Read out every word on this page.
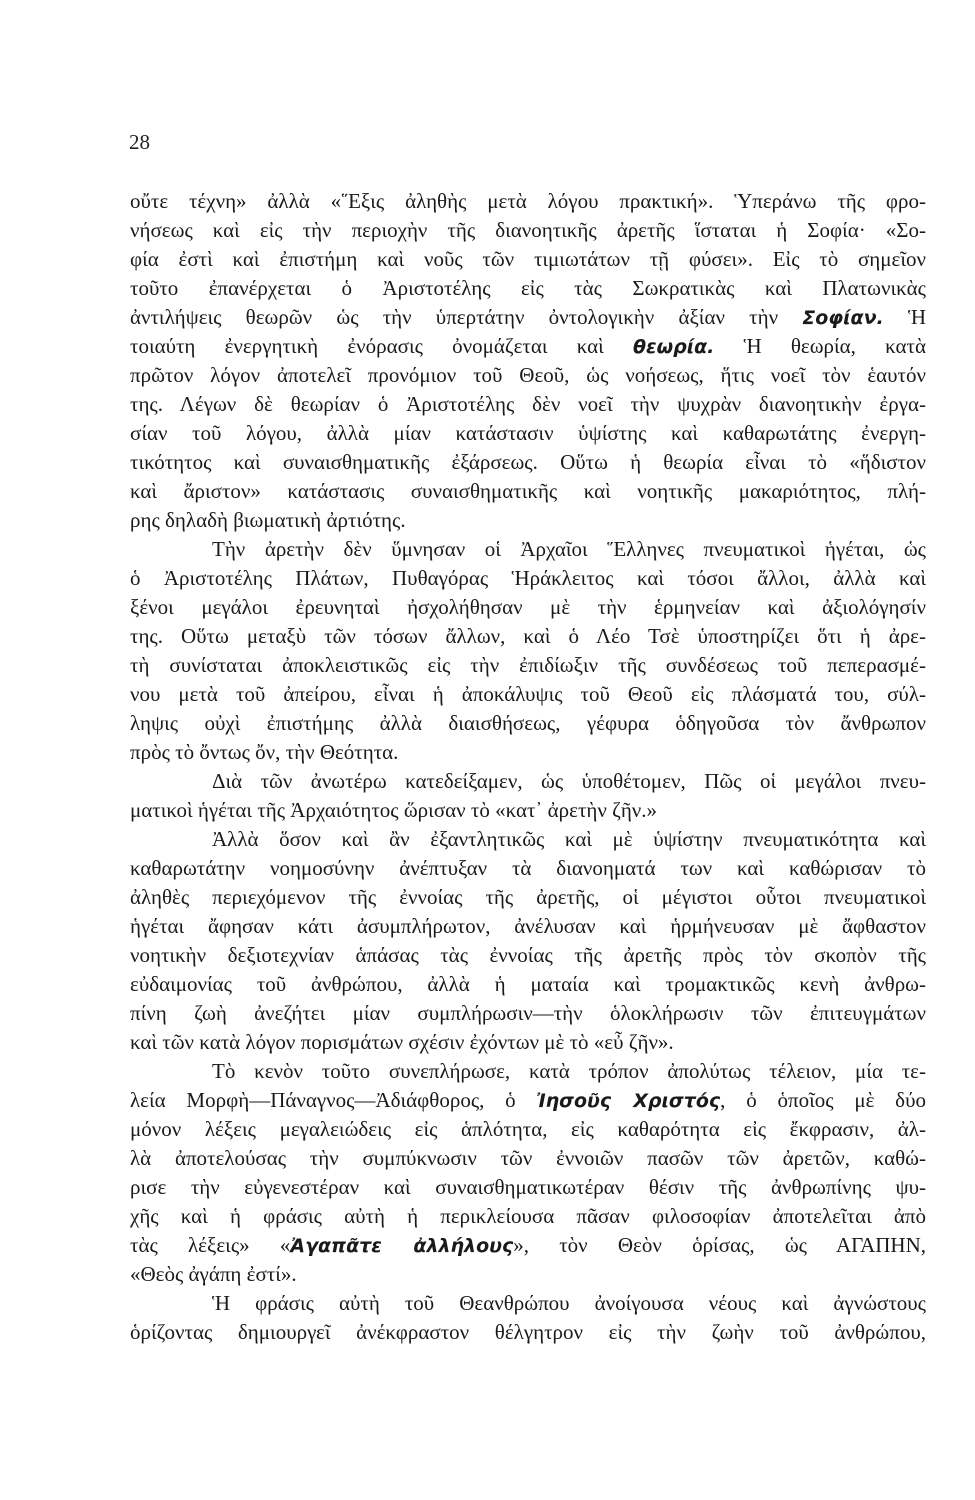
28
οὔτε τέχνη» ἀλλὰ «῞Εξις ἀληθὴς μετὰ λόγου πρακτική». Ὑπεράνω τῆς φρο-
νήσεως καὶ εἰς τὴν περιοχὴν τῆς διανοητικῆς ἀρετῆς ἵσταται ἡ Σοφία· «Σο-
φία ἐστὶ καὶ ἐπιστήμη καὶ νοῦς τῶν τιμιωτάτων τῇ φύσει». Εἰς τὸ σημεῖον
τοῦτο ἐπανέρχεται ὁ Ἀριστοτέλης εἰς τὰς Σωκρατικὰς καὶ Πλατωνικὰς
ἀντιλήψεις θεωρῶν ὡς τὴν ὑπερτάτην ὀντολογικὴν ἀξίαν τὴν Σοφίαν. Ἡ
τοιαύτη ἐνεργητικὴ ἐνόρασις ὀνομάζεται καὶ θεωρία. Ἡ θεωρία, κατὰ
πρῶτον λόγον ἀποτελεῖ προνόμιον τοῦ Θεοῦ, ὡς νοήσεως, ἥτις νοεῖ τὸν ἑαυτόν
της. Λέγων δὲ θεωρίαν ὁ Ἀριστοτέλης δὲν νοεῖ τὴν ψυχρὰν διανοητικὴν ἐργα-
σίαν τοῦ λόγου, ἀλλὰ μίαν κατάστασιν ὑψίστης καὶ καθαρωτάτης ἐνεργη-
τικότητος καὶ συναισθηματικῆς ἐξάρσεως. Οὕτω ἡ θεωρία εἶναι τὸ «ἥδιστον
καὶ ἄριστον» κατάστασις συναισθηματικῆς καὶ νοητικῆς μακαριότητος, πλή-
ρης δηλαδὴ βιωματικὴ ἀρτιότης.
Τὴν ἀρετὴν δὲν ὕμνησαν οἱ Ἀρχαῖοι Ἕλληνες πνευματικοὶ ἡγέται, ὡς
ὁ Ἀριστοτέλης Πλάτων, Πυθαγόρας Ἡράκλειτος καὶ τόσοι ἄλλοι, ἀλλὰ καὶ
ξένοι μεγάλοι ἐρευνηταὶ ἠσχολήθησαν μὲ τὴν ἑρμηνείαν καὶ ἀξιολόγησίν
της. Οὕτω μεταξὺ τῶν τόσων ἄλλων, καὶ ὁ Λέο Τσὲ ὑποστηρίζει ὅτι ἡ ἀρε-
τὴ συνίσταται ἀποκλειστικῶς εἰς τὴν ἐπιδίωξιν τῆς συνδέσεως τοῦ πεπερασμέ-
νου μετὰ τοῦ ἀπείρου, εἶναι ἡ ἀποκάλυψις τοῦ Θεοῦ εἰς πλάσματά του, σύλ-
ληψις οὐχὶ ἐπιστήμης ἀλλὰ διαισθήσεως, γέφυρα ὁδηγοῦσα τὸν ἄνθρωπον
πρὸς τὸ ὄντως ὄν, τὴν Θεότητα.
Διὰ τῶν ἀνωτέρω κατεδείξαμεν, ὡς ὑποθέτομεν, Πῶς οἱ μεγάλοι πνευ-
ματικοὶ ἡγέται τῆς Ἀρχαιότητος ὥρισαν τὸ «κατ᾽ ἀρετὴν ζῆν.»
Ἀλλὰ ὅσον καὶ ἂν ἐξαντλητικῶς καὶ μὲ ὑψίστην πνευματικότητα καὶ
καθαρωτάτην νοημοσύνην ἀνέπτυξαν τὰ διανοηματά των καὶ καθώρισαν τὸ
ἀληθὲς περιεχόμενον τῆς ἐννοίας τῆς ἀρετῆς, οἱ μέγιστοι οὗτοι πνευματικοὶ
ἡγέται ἄφησαν κάτι ἀσυμπλήρωτον, ἀνέλυσαν καὶ ἡρμήνευσαν μὲ ἄφθαστον
νοητικὴν δεξιοτεχνίαν ἁπάσας τὰς ἐννοίας τῆς ἀρετῆς πρὸς τὸν σκοπὸν τῆς
εὐδαιμονίας τοῦ ἀνθρώπου, ἀλλὰ ἡ ματαία καὶ τρομακτικῶς κενὴ ἀνθρω-
πίνη ζωὴ ἀνεζήτει μίαν συμπλήρωσιν—τὴν ὁλοκλήρωσιν τῶν ἐπιτευγμάτων
καὶ τῶν κατὰ λόγον πορισμάτων σχέσιν ἐχόντων μὲ τὸ «εὖ ζῆν».
Τὸ κενὸν τοῦτο συνεπλήρωσε, κατὰ τρόπον ἀπολύτως τέλειον, μία τε-
λεία Μορφὴ—Πάναγνος—Ἀδιάφθορος, ὁ Ἰησοῦς Χριστός, ὁ ὁποῖος μὲ δύο
μόνον λέξεις μεγαλειώδεις εἰς ἁπλότητα, εἰς καθαρότητα εἰς ἔκφρασιν, ἀλ-
λὰ ἀποτελούσας τὴν συμπύκνωσιν τῶν ἐννοιῶν πασῶν τῶν ἀρετῶν, καθώ-
ρισε τὴν εὐγενεστέραν καὶ συναισθηματικωτέραν θέσιν τῆς ἀνθρωπίνης ψυ-
χῆς καὶ ἡ φράσις αὐτὴ ἡ περικλείουσα πᾶσαν φιλοσοφίαν ἀποτελεῖται ἀπὸ
τὰς λέξεις» «Ἀγαπᾶτε ἀλλήλους», τὸν Θεὸν ὁρίσας, ὡς ΑΓΑΠΗΝ,
«Θεὸς ἀγάπη ἐστί».
Ἡ φράσις αὐτὴ τοῦ Θεανθρώπου ἀνοίγουσα νέους καὶ ἀγνώστους
ὁρίζοντας δημιουργεῖ ἀνέκφραστον θέλγητρον εἰς τὴν ζωὴν τοῦ ἀνθρώπου,
